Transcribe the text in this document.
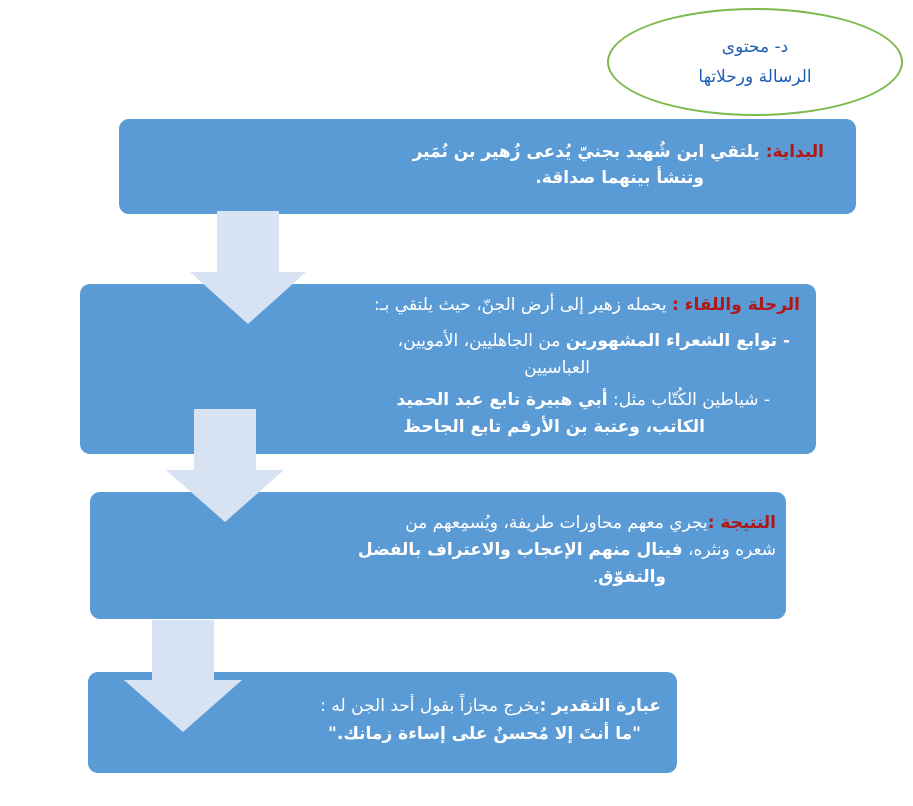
د- محتوى
الرسالة ورحلاتها

البداية: يلتقي ابن شُهيد بجنيّ يُدعى زُهير بن نُمَير

وتنشأ بينهما صداقة.

الرحلة واللقاء : يحمله زهير إلى أرض الجنّ، حيث يلتقي بـ:

- توابع الشعراء المشهورين من الجاهليين، الأمويين،

العباسيين

- شياطين الكُتّاب مثل: أبي هبيرة تابع عبد الحميد

الكاتب، وعتبة بن الأرقم تابع الجاحظ

النتيجة :يجري معهم محاورات طريفة، ويُسمِعهم من

شعره ونثره، فينال منهم الإعجاب والاعتراف بالفضل

والتفوّق.

عبارة التقدير :يخرج مجازاً بقول أحد الجن له :

"ما أنتَ إلا مُحسنٌ على إساءة زمانك."
